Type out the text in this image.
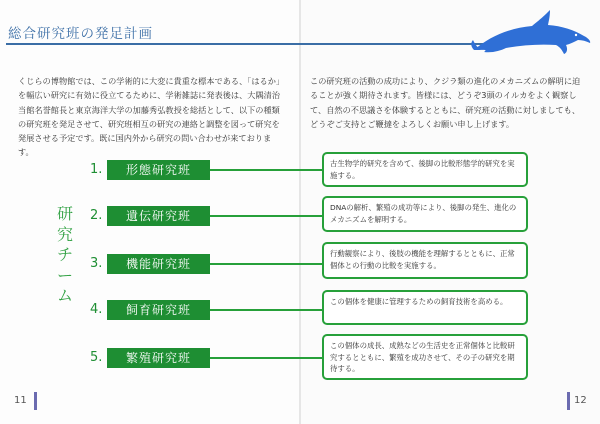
総合研究班の発足計画

くじらの博物館では、この学術的に大変に貴重な標本である、「はるか」を幅広い研究に有効に役立てるために、学術雑誌に発表後は、大隅清治当館名誉館長と東京海洋大学の加藤秀弘教授を総括として、以下の種類の研究班を発足させて、研究班相互の研究の連絡と調整を図って研究を発展させる予定です。既に国内外から研究の問い合わせが来ております。

この研究班の活動の成功により、クジラ類の進化のメカニズムの解明に迫ることが強く期待されます。皆様には、どうぞ3頭のイルカをよく観察して、自然の不思議さを体験するとともに、研究班の活動に対しましても、どうぞご支持とご鞭撻をよろしくお願い申し上げます。

研
究
チ
ー
ム
1.	形態研究班	古生物学的研究を含めて、後脚の比較形態学的研究を実施する。
2.	遺伝研究班
DNAの解析、繁殖の成功等により、後脚の発生、進化のメカニズムを解明する。
3.	機能研究班
行動観察により、後肢の機能を理解するとともに、正常個体との行動の比較を実施する。
4.	飼育研究班
この個体を健康に管理するための飼育技術を高める。
5.	繁殖研究班
この個体の成長、成熟などの生活史を正常個体と比較研究するとともに、繁殖を成功させて、その子の研究を期待する。
11	12
